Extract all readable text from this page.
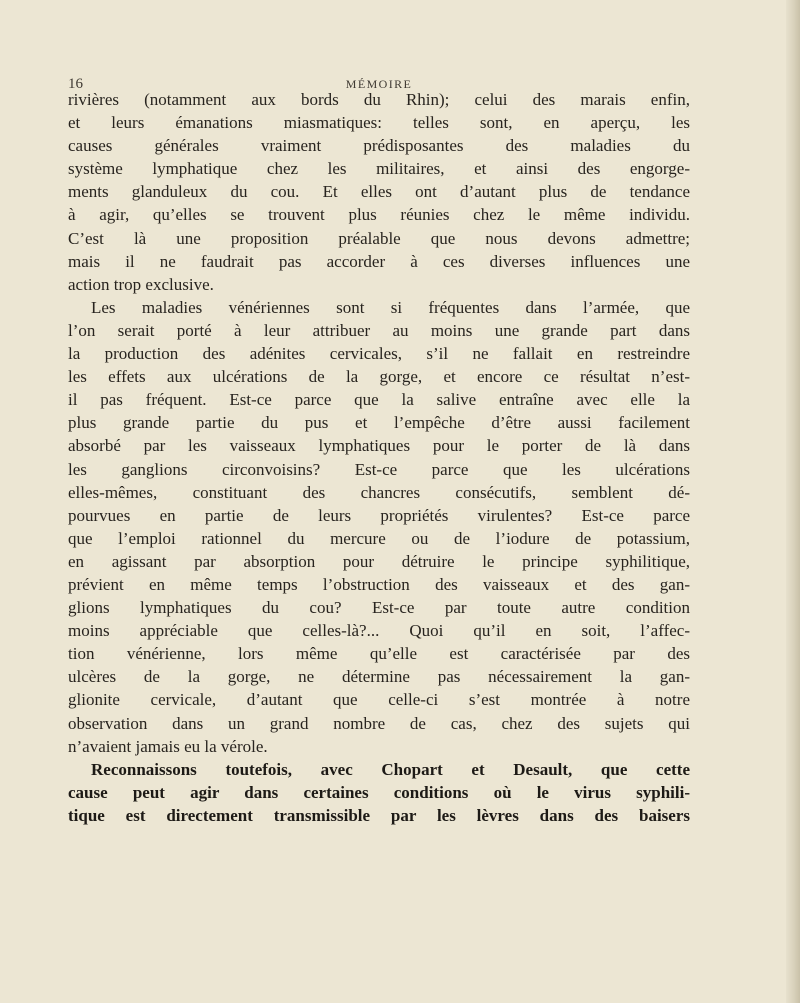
16	MÉMOIRE
rivières (notamment aux bords du Rhin); celui des marais enfin,
et leurs émanations miasmatiques: telles sont, en aperçu, les
causes générales vraiment prédisposantes des maladies du
système lymphatique chez les militaires, et ainsi des engorge-
ments glanduleux du cou. Et elles ont d’autant plus de tendance
à agir, qu’elles se trouvent plus réunies chez le même individu.
C’est là une proposition préalable que nous devons admettre;
mais il ne faudrait pas accorder à ces diverses influences une
action trop exclusive.
Les maladies vénériennes sont si fréquentes dans l’armée, que
l’on serait porté à leur attribuer au moins une grande part dans
la production des adénites cervicales, s’il ne fallait en restreindre
les effets aux ulcérations de la gorge, et encore ce résultat n’est-
il pas fréquent. Est-ce parce que la salive entraîne avec elle la
plus grande partie du pus et l’empêche d’être aussi facilement
absorbé par les vaisseaux lymphatiques pour le porter de là dans
les ganglions circonvoisins? Est-ce parce que les ulcérations
elles-mêmes, constituant des chancres consécutifs, semblent dé-
pourvues en partie de leurs propriétés virulentes? Est-ce parce
que l’emploi rationnel du mercure ou de l’iodure de potassium,
en agissant par absorption pour détruire le principe syphilitique,
prévient en même temps l’obstruction des vaisseaux et des gan-
glions lymphatiques du cou? Est-ce par toute autre condition
moins appréciable que celles-là?... Quoi qu’il en soit, l’affec-
tion vénérienne, lors même qu’elle est caractérisée par des
ulcères de la gorge, ne détermine pas nécessairement la gan-
glionite cervicale, d’autant que celle-ci s’est montrée à notre
observation dans un grand nombre de cas, chez des sujets qui
n’avaient jamais eu la vérole.
Reconnaissons toutefois, avec Chopart et Desault, que cette
cause peut agir dans certaines conditions où le virus syphili-
tique est directement transmissible par les lèvres dans des baisers
